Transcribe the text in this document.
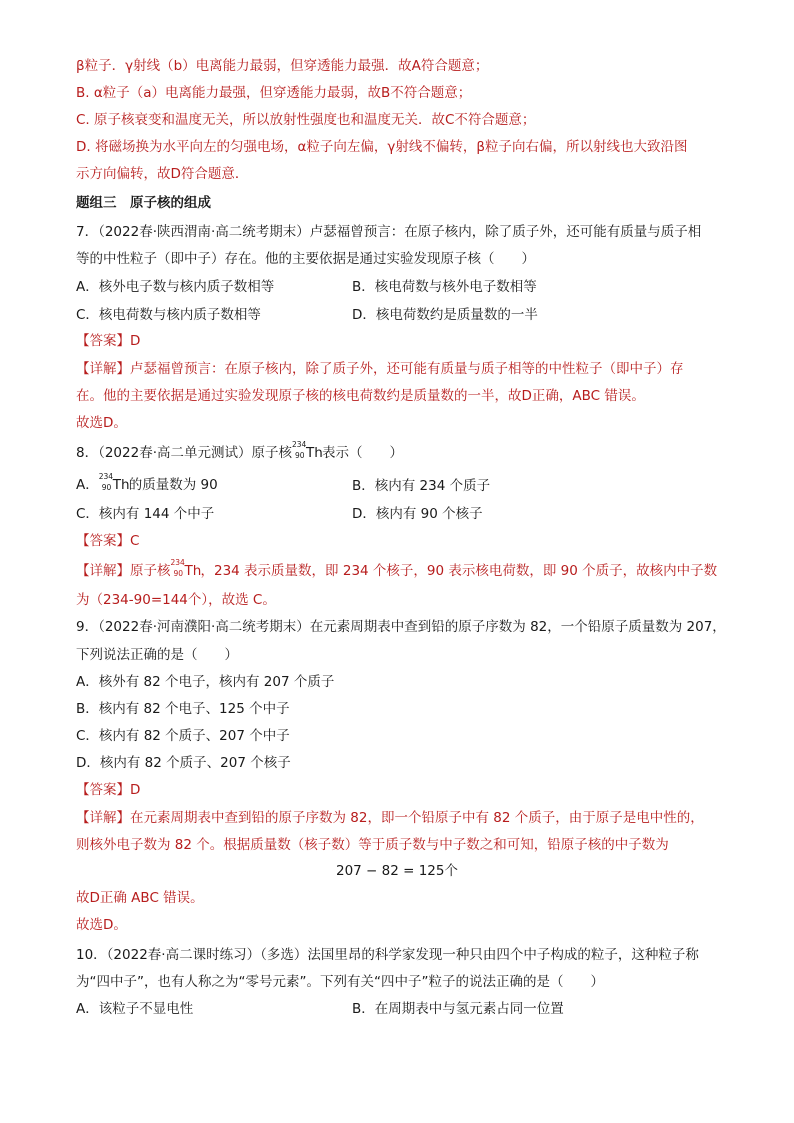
β粒子．γ射线（b）电离能力最弱，但穿透能力最强．故A符合题意；
B. α粒子（a）电离能力最强，但穿透能力最弱，故B不符合题意；
C. 原子核衰变和温度无关，所以放射性强度也和温度无关．故C不符合题意；
D. 将磁场换为水平向左的匀强电场，α粒子向左偏，γ射线不偏转，β粒子向右偏，所以射线也大致沿图
示方向偏转，故D符合题意．
题组三　原子核的组成
7．（2022春·陕西渭南·高二统考期末）卢瑟福曾预言：在原子核内，除了质子外，还可能有质量与质子相
等的中性粒子（即中子）存在。他的主要依据是通过实验发现原子核（　　）
A．核外电子数与核内质子数相等	B．核电荷数与核外电子数相等
C．核电荷数与核内质子数相等	D．核电荷数约是质量数的一半
【答案】D
【详解】卢瑟福曾预言：在原子核内，除了质子外，还可能有质量与质子相等的中性粒子（即中子）存
在。他的主要依据是通过实验发现原子核的核电荷数约是质量数的一半，故D正确，ABC 错误。
故选D。
8．（2022春·高二单元测试）原子核
234
90 Th 表示（　　）
A．
234
90 Th 的质量数为 90	B．核内有 234 个质子
C．核内有 144 个中子	D．核内有 90 个核子
【答案】C
【详解】原子核
234
90 Th ，234 表示质量数，即 234 个核子，90 表示核电荷数，即 90 个质子，故核内中子数
为（234-90=144个），故选 C。
9．（2022春·河南濮阳·高二统考期末）在元素周期表中查到铅的原子序数为 82，一个铅原子质量数为 207，
下列说法正确的是（　　）
A．核外有 82 个电子，核内有 207 个质子
B．核内有 82 个电子、125 个中子
C．核内有 82 个质子、207 个中子
D．核内有 82 个质子、207 个核子
【答案】D
【详解】在元素周期表中查到铅的原子序数为 82，即一个铅原子中有 82 个质子，由于原子是电中性的，
则核外电子数为 82 个。根据质量数（核子数）等于质子数与中子数之和可知，铅原子核的中子数为
207 − 82 = 125个
故D正确 ABC 错误。
故选D。
10．（2022春·高二课时练习）（多选）法国里昂的科学家发现一种只由四个中子构成的粒子，这种粒子称
为“四中子”，也有人称之为“零号元素”。下列有关“四中子”粒子的说法正确的是（　　）
A．该粒子不显电性	B．在周期表中与氢元素占同一位置
